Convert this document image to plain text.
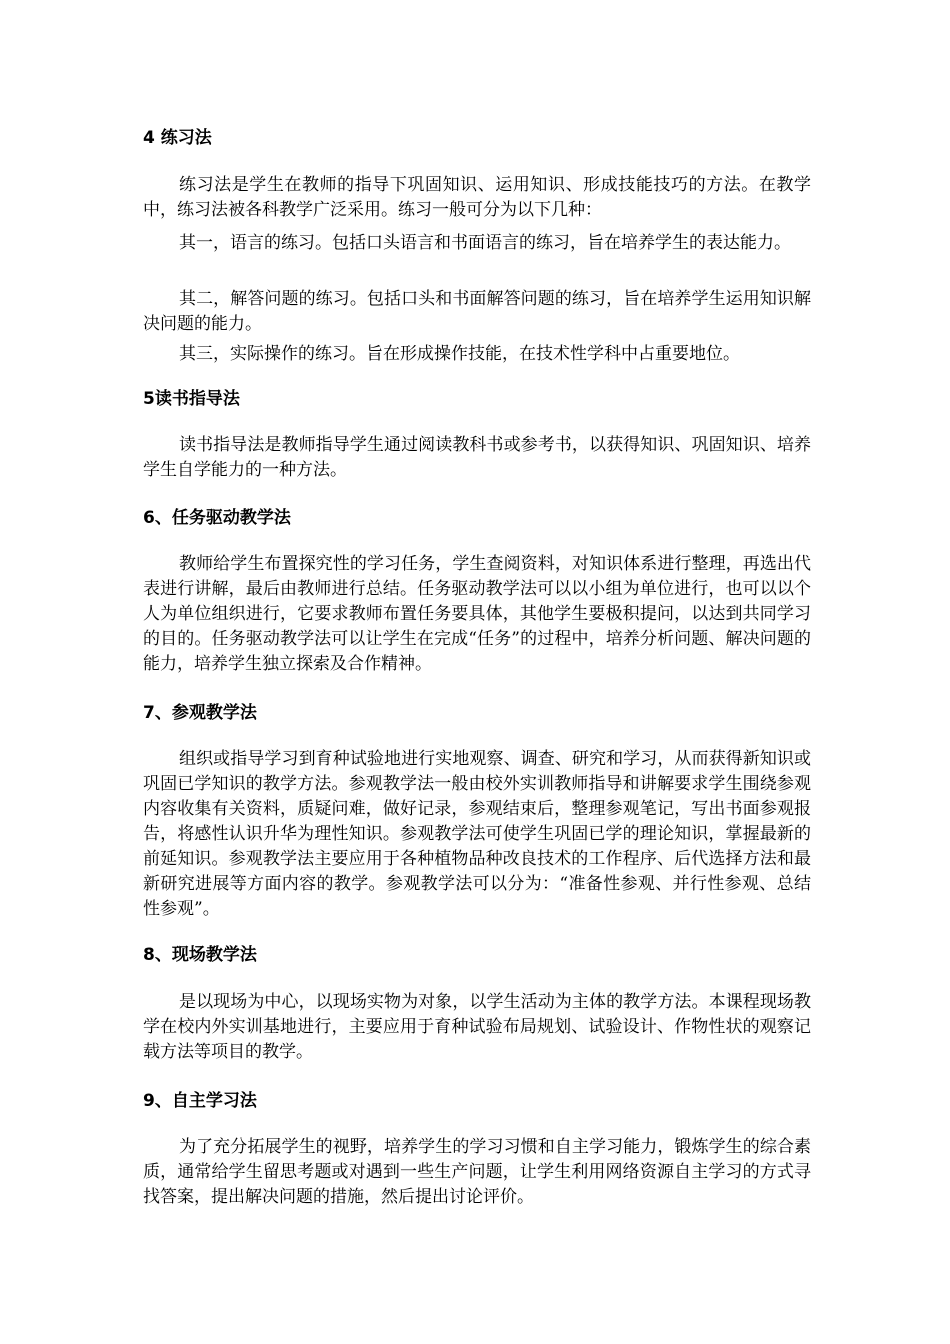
4 练习法

练习法是学生在教师的指导下巩固知识、运用知识、形成技能技巧的方法。在教学中，练习法被各科教学广泛采用。练习一般可分为以下几种：

其一，语言的练习。包括口头语言和书面语言的练习，旨在培养学生的表达能力。

其二，解答问题的练习。包括口头和书面解答问题的练习，旨在培养学生运用知识解决问题的能力。

其三，实际操作的练习。旨在形成操作技能，在技术性学科中占重要地位。

5读书指导法

读书指导法是教师指导学生通过阅读教科书或参考书，以获得知识、巩固知识、培养学生自学能力的一种方法。

6、任务驱动教学法

教师给学生布置探究性的学习任务，学生查阅资料，对知识体系进行整理，再选出代表进行讲解，最后由教师进行总结。任务驱动教学法可以以小组为单位进行，也可以以个人为单位组织进行，它要求教师布置任务要具体，其他学生要极积提问，以达到共同学习的目的。任务驱动教学法可以让学生在完成“任务”的过程中，培养分析问题、解决问题的能力，培养学生独立探索及合作精神。

7、参观教学法

组织或指导学习到育种试验地进行实地观察、调查、研究和学习，从而获得新知识或巩固已学知识的教学方法。参观教学法一般由校外实训教师指导和讲解要求学生围绕参观内容收集有关资料，质疑问难，做好记录，参观结束后，整理参观笔记，写出书面参观报告，将感性认识升华为理性知识。参观教学法可使学生巩固已学的理论知识，掌握最新的前延知识。参观教学法主要应用于各种植物品种改良技术的工作程序、后代选择方法和最新研究进展等方面内容的教学。参观教学法可以分为：“准备性参观、并行性参观、总结性参观”。

8、现场教学法

是以现场为中心，以现场实物为对象，以学生活动为主体的教学方法。本课程现场教学在校内外实训基地进行，主要应用于育种试验布局规划、试验设计、作物性状的观察记载方法等项目的教学。

9、自主学习法

为了充分拓展学生的视野，培养学生的学习习惯和自主学习能力，锻炼学生的综合素质，通常给学生留思考题或对遇到一些生产问题，让学生利用网络资源自主学习的方式寻找答案，提出解决问题的措施，然后提出讨论评价。
